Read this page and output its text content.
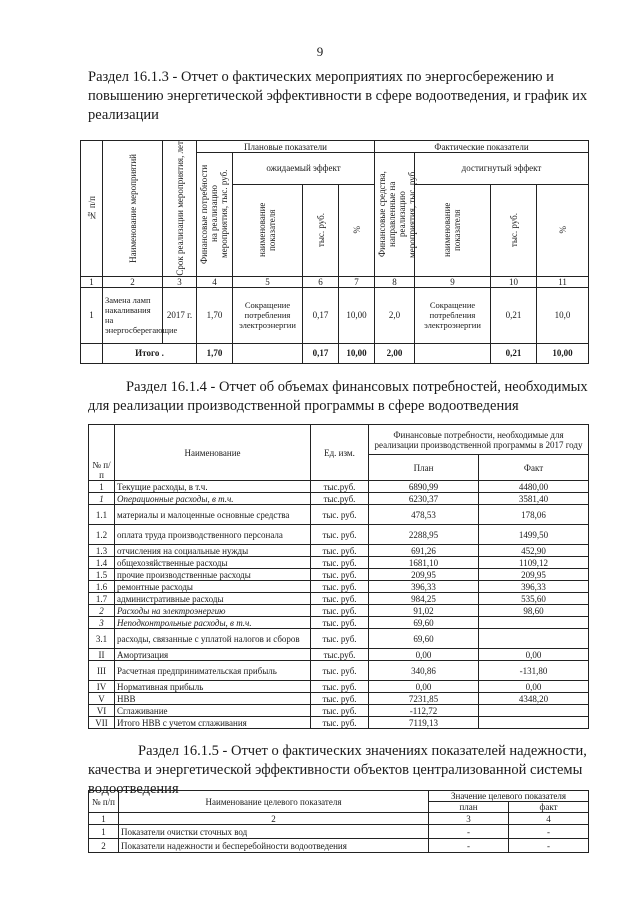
9
Раздел 16.1.3 - Отчет о фактических мероприятиях по энергосбережению и повышению энергетической эффективности в сфере водоотведения, и график их реализации
№ п/п	Наименование мероприятий	Срок реализации мероприятия, лет	Плановые показатели				Фактические показатели			

			Финансовые потребности на реализацию мероприятия, тыс. руб.	ожидаемый эффект			Финансовые средства, направленные на реализацию мероприятия, тыс. руб.	достигнутый эффект		

				наименование показателя	тыс. руб.	%		наименование показателя	тыс. руб.	%

1	2	3	4	5	6	7	8	9	10	11
1	Замена ламп накаливания на энергосберегающие	2017 г.	1,70	Сокращение потребления электроэнергии	0,17	10,00	2,0	Сокращение потребления электроэнергии	0,21	10,0
	Итого .		1,70		0,17	10,00	2,00		0,21	10,00
Раздел 16.1.4 - Отчет об объемах финансовых потребностей, необходимых для реализации производственной программы в сфере водоотведения
№ п/п	Наименование	Ед. изм.	Финансовые потребности, необходимые для реализации производственной программы в 2017 году	
			План	Факт
1	Текущие расходы, в т.ч.	тыс.руб.	6890,99	4480,00
1	Операционные расходы, в т.ч.	тыс.руб.	6230,37	3581,40
1.1	материалы и малоценные основные средства	тыс. руб.	478,53	178,06
1.2	оплата труда производственного персонала	тыс. руб.	2288,95	1499,50
1.3	отчисления на социальные нужды	тыс. руб.	691,26	452,90
1.4	общехозяйственные расходы	тыс. руб.	1681,10	1109,12
1.5	прочие производственные расходы	тыс. руб.	209,95	209,95
1.6	ремонтные расходы	тыс. руб.	396,33	396,33
1.7	административные расходы	тыс. руб.	984,25	535,60
2	Расходы на электроэнергию	тыс. руб.	91,02	98,60
3	Неподконтрольные расходы, в т.ч.	тыс. руб.	69,60	
3.1	расходы, связанные с уплатой налогов и сборов	тыс. руб.	69,60	
II	Амортизация	тыс.руб.	0,00	0,00
III	Расчетная предпринимательская прибыль	тыс. руб.	340,86	-131,80
IV	Нормативная прибыль	тыс. руб.	0,00	0,00
V	НВВ	тыс. руб.	7231,85	4348,20
VI	Сглаживание	тыс. руб.	-112,72	
VII	Итого НВВ с учетом сглаживания	тыс. руб.	7119,13	
Раздел 16.1.5 - Отчет о фактических значениях показателей надежности, качества и энергетической эффективности объектов централизованной системы водоотведения
№ п/п	Наименование целевого показателя	Значение целевого показателя	
		план	факт
1	2	3	4
1	Показатели очистки сточных вод	-	-
2	Показатели надежности и бесперебойности водоотведения	-	-
